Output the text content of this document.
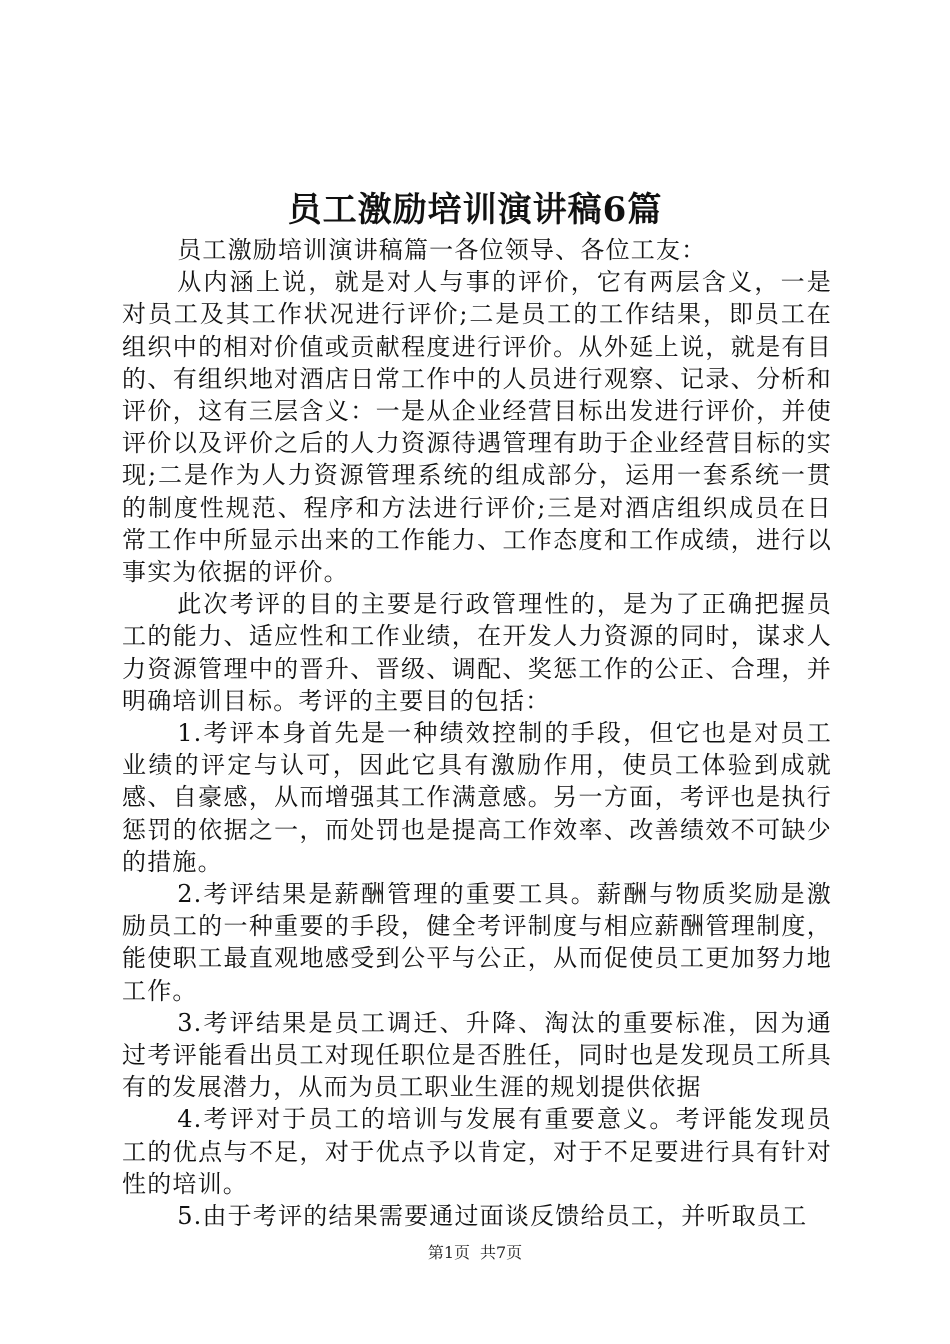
员工激励培训演讲稿6篇

员工激励培训演讲稿篇一各位领导、各位工友：

从内涵上说，就是对人与事的评价，它有两层含义，一是对员工及其工作状况进行评价;二是员工的工作结果，即员工在组织中的相对价值或贡献程度进行评价。从外延上说，就是有目的、有组织地对酒店日常工作中的人员进行观察、记录、分析和评价，这有三层含义：一是从企业经营目标出发进行评价，并使评价以及评价之后的人力资源待遇管理有助于企业经营目标的实现;二是作为人力资源管理系统的组成部分，运用一套系统一贯的制度性规范、程序和方法进行评价;三是对酒店组织成员在日常工作中所显示出来的工作能力、工作态度和工作成绩，进行以事实为依据的评价。

此次考评的目的主要是行政管理性的，是为了正确把握员工的能力、适应性和工作业绩，在开发人力资源的同时，谋求人力资源管理中的晋升、晋级、调配、奖惩工作的公正、合理，并明确培训目标。考评的主要目的包括：

1.考评本身首先是一种绩效控制的手段，但它也是对员工业绩的评定与认可，因此它具有激励作用，使员工体验到成就感、自豪感，从而增强其工作满意感。另一方面，考评也是执行惩罚的依据之一，而处罚也是提高工作效率、改善绩效不可缺少的措施。

2.考评结果是薪酬管理的重要工具。薪酬与物质奖励是激励员工的一种重要的手段，健全考评制度与相应薪酬管理制度，能使职工最直观地感受到公平与公正，从而促使员工更加努力地工作。

3.考评结果是员工调迁、升降、淘汰的重要标准，因为通过考评能看出员工对现任职位是否胜任，同时也是发现员工所具有的发展潜力，从而为员工职业生涯的规划提供依据

4.考评对于员工的培训与发展有重要意义。考评能发现员工的优点与不足，对于优点予以肯定，对于不足要进行具有针对性的培训。

5.由于考评的结果需要通过面谈反馈给员工，并听取员工

第1页 共7页
